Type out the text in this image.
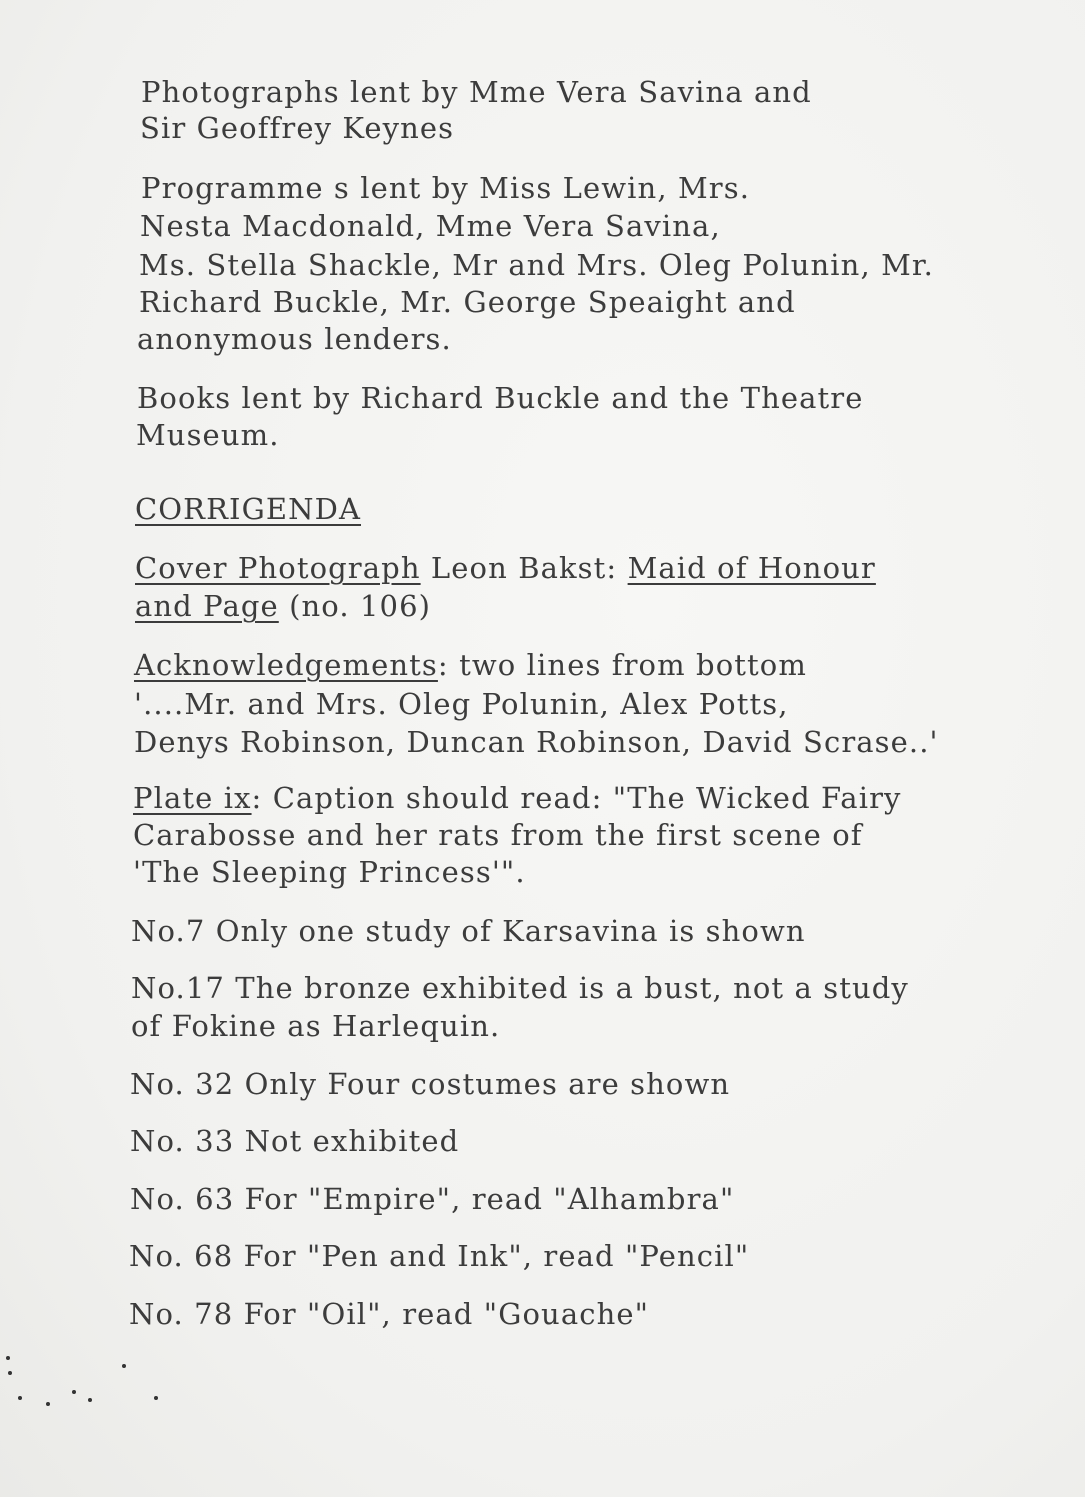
Photographs lent by Mme Vera Savina and
Sir Geoffrey Keynes
Programme s lent by Miss Lewin, Mrs.
Nesta Macdonald, Mme Vera Savina,
Ms. Stella Shackle, Mr and Mrs. Oleg Polunin, Mr.
Richard Buckle, Mr. George Speaight and
anonymous lenders.
Books lent by Richard Buckle and the Theatre
Museum.
CORRIGENDA
Cover Photograph Leon Bakst: Maid of Honour
and Page (no. 106)
Acknowledgements: two lines from bottom
'....Mr. and Mrs. Oleg Polunin, Alex Potts,
Denys Robinson, Duncan Robinson, David Scrase..'
Plate ix: Caption should read: "The Wicked Fairy
Carabosse and her rats from the first scene of
'The Sleeping Princess'".
No.7 Only one study of Karsavina is shown
No.17 The bronze exhibited is a bust, not a study
of Fokine as Harlequin.
No. 32 Only Four costumes are shown
No. 33 Not exhibited
No. 63 For "Empire", read "Alhambra"
No. 68 For "Pen and Ink", read "Pencil"
No. 78 For "Oil", read "Gouache"
